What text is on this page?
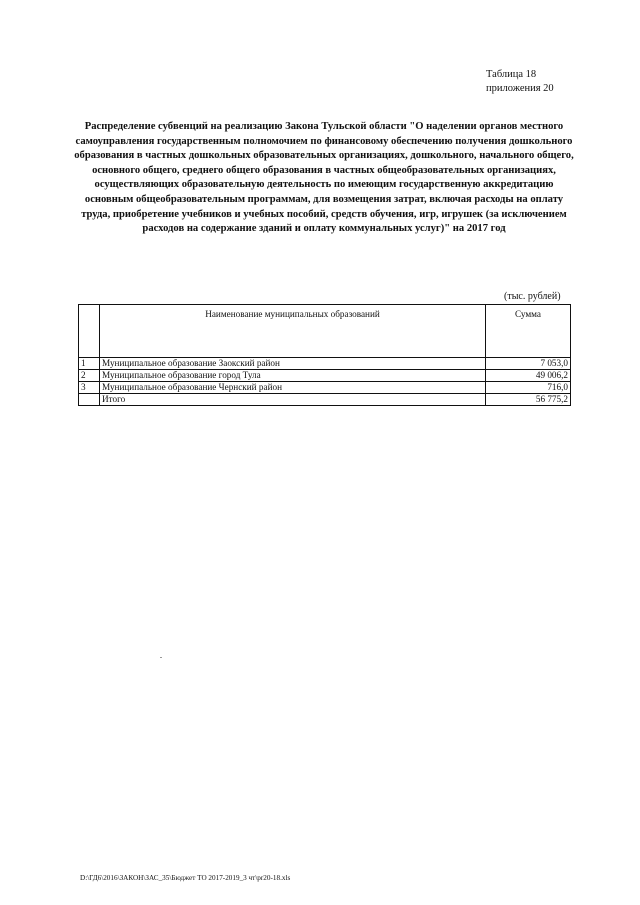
Таблица 18
приложения 20
Распределение субвенций на реализацию Закона Тульской области "О наделении органов местного самоуправления государственным полномочием по финансовому обеспечению получения дошкольного образования в частных дошкольных образовательных организациях, дошкольного, начального общего, основного общего, среднего общего образования в частных общеобразовательных организациях, осуществляющих образовательную деятельность по имеющим государственную аккредитацию основным общеобразовательным программам, для возмещения затрат, включая расходы на оплату труда, приобретение учебников и учебных пособий, средств обучения, игр, игрушек (за исключением расходов на содержание зданий и оплату коммунальных услуг)" на 2017 год
(тыс. рублей)
	Наименование муниципальных образований	Сумма
1	Муниципальное образование Заокский район	7 053,0
2	Муниципальное образование город Тула	49 006,2
3	Муниципальное образование Чернский район	716,0
	Итого	56 775,2
D:\ГД6\2016\ЗАКОН\ЗАС_35\Бюджет ТО 2017-2019_3 чт\pr20-18.xls
